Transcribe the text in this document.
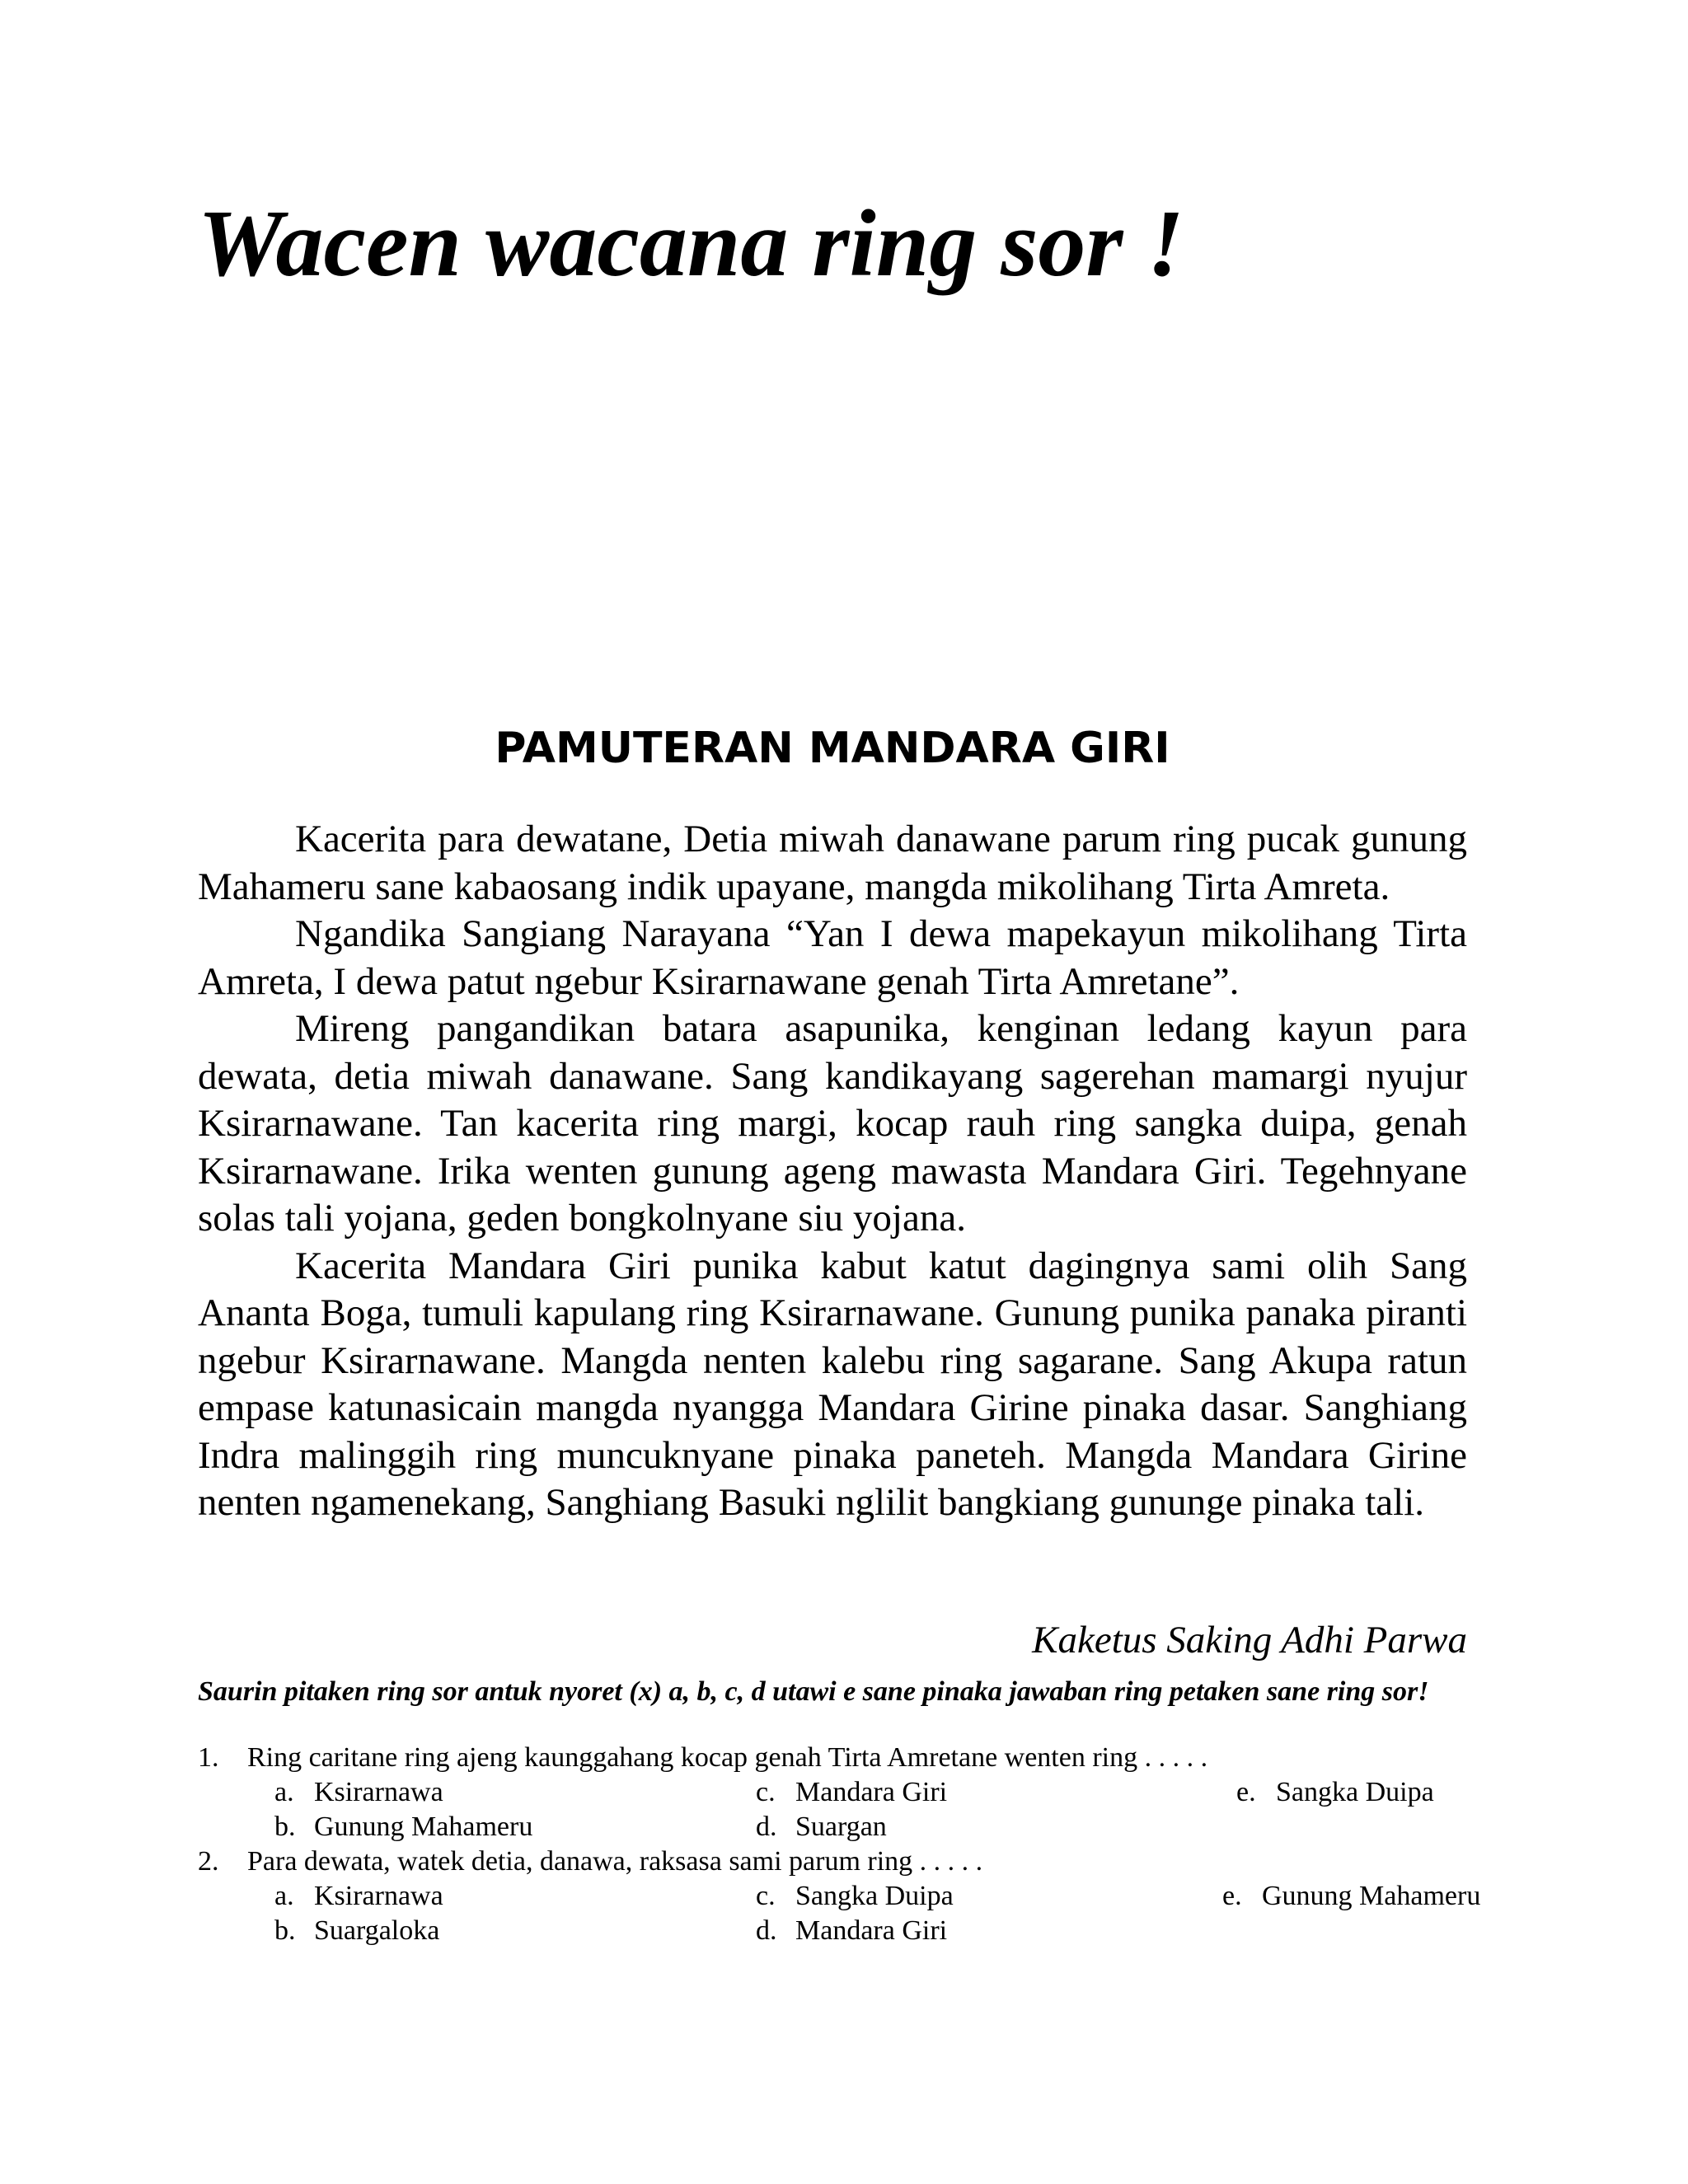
Wacen wacana ring sor !
PAMUTERAN MANDARA GIRI

Kacerita para dewatane, Detia miwah danawane parum ring pucak gunung Mahameru sane kabaosang indik upayane, mangda mikolihang Tirta Amreta.

Ngandika Sangiang Narayana “Yan I dewa mapekayun mikolihang Tirta Amreta, I dewa patut ngebur Ksirarnawane genah Tirta Amretane”.

Mireng pangandikan batara asapunika, kenginan ledang kayun para dewata, detia miwah danawane. Sang kandikayang sagerehan mamargi nyujur Ksirarnawane. Tan kacerita ring margi, kocap rauh ring sangka duipa, genah Ksirarnawane. Irika wenten gunung ageng mawasta Mandara Giri. Tegehnyane solas tali yojana, geden bongkolnyane siu yojana.

Kacerita Mandara Giri punika kabut katut dagingnya sami olih Sang Ananta Boga, tumuli kapulang ring Ksirarnawane. Gunung punika panaka piranti ngebur Ksirarnawane. Mangda nenten kalebu ring sagarane. Sang Akupa ratun empase katunasicain mangda nyangga Mandara Girine pinaka dasar. Sanghiang Indra malinggih ring muncuknyane pinaka paneteh. Mangda Mandara Girine nenten ngamenekang, Sanghiang Basuki nglilit bangkiang gununge pinaka tali.

Kaketus Saking Adhi Parwa

Saurin pitaken ring sor antuk nyoret (x) a, b, c, d utawi e sane pinaka jawaban ring petaken sane ring sor!

1. Ring caritane ring ajeng kaunggahang kocap genah Tirta Amretane wenten ring . . . . .
a. Ksirarnawa
b. Gunung Mahameru
c. Mandara Giri
d. Suargan
e. Sangka Duipa
2. Para dewata, watek detia, danawa, raksasa sami parum ring . . . . .
a. Ksirarnawa
b. Suargaloka
c. Sangka Duipa
d. Mandara Giri
e. Gunung Mahameru
